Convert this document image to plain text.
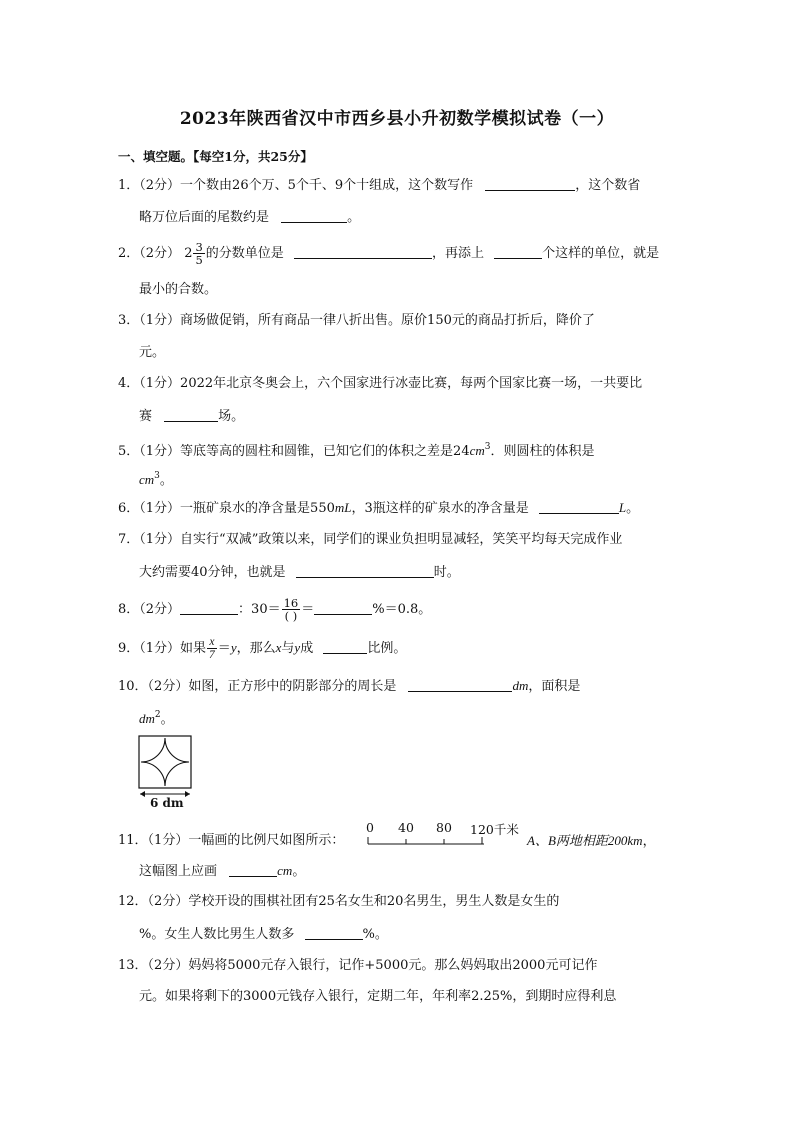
2023年陕西省汉中市西乡县小升初数学模拟试卷（一）
一、填空题。【每空1分，共25分】
1．（2分）一个数由26个万、5个千、9个十组成，这个数写作	，这个数省
略万位后面的尾数约是	。
2．（2分） $2 \frac{3}{5}$ 的分数单位是	，再添上	个这样的单位，就是
最小的合数。
3．（1分）商场做促销，所有商品一律八折出售。原价150元的商品打折后，降价了
元。
4．（1分）2022年北京冬奥会上，六个国家进行冰壶比赛，每两个国家比赛一场，一共要比
赛	场。
5．（1分）等底等高的圆柱和圆锥，已知它们的体积之差是$24cm^3$．则圆柱的体积是
$cm^3$。
6．（1分）一瓶矿泉水的净含量是550mL，3瓶这样的矿泉水的净含量是	L。
7．（1分）自实行“双减”政策以来，同学们的课业负担明显减轻，笑笑平均每天完成作业
大约需要40分钟，也就是	时。
8．（2分）	：$30= \frac{16}{( )}$ ＝	%＝0.8。
9．（1分）如果 $\frac{x}{7} =y$，那么x与y成	比例。
10．（2分）如图，正方形中的阴影部分的周长是	dm，面积是
$dm^2$。
6 dm
11．（1分）一幅画的比例尺如图所示：
0 40 80 120千米
A、B两地相距200km，
这幅图上应画	cm。
12．（2分）学校开设的围棋社团有25名女生和20名男生，男生人数是女生的
%。女生人数比男生人数多	%。
13．（2分）妈妈将5000元存入银行，记作+5000元。那么妈妈取出2000元可记作
元。如果将剩下的3000元钱存入银行，定期二年，年利率2.25%，到期时应得利息
